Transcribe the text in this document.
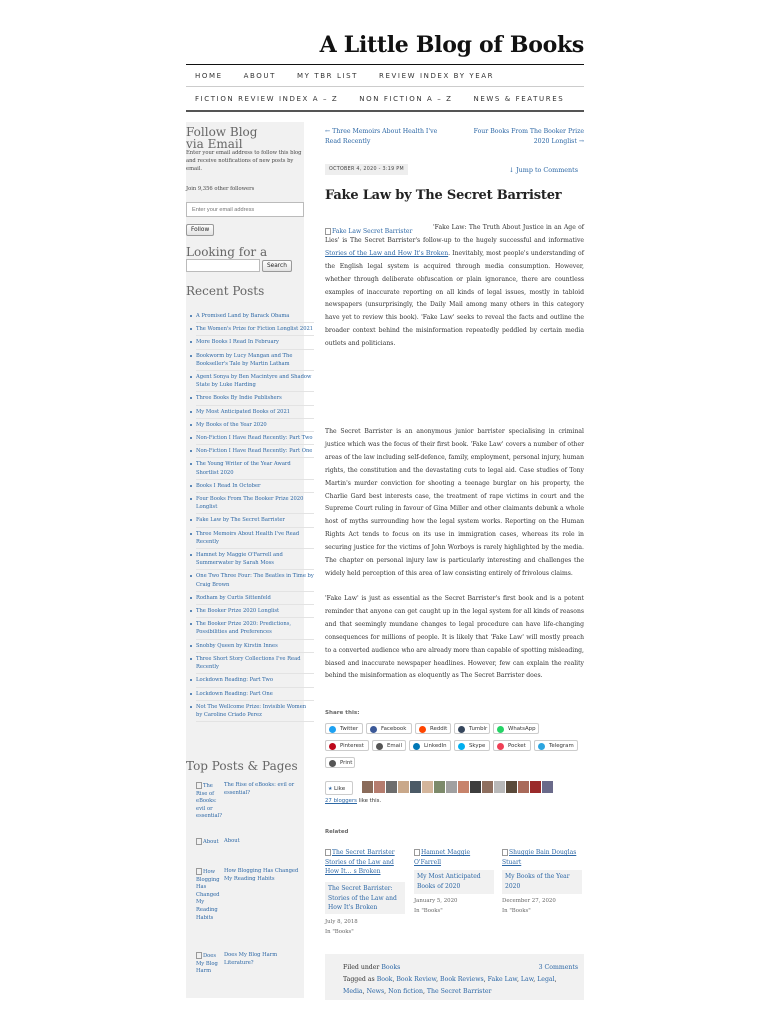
A Little Blog of Books
HOME	ABOUT	MY TBR LIST	REVIEW INDEX BY YEAR
FICTION REVIEW INDEX A – Z	NON FICTION A – Z	NEWS & FEATURES
Follow Blog via Email
Enter your email address to follow this blog and receive notifications of new posts by email.
Join 9,356 other followers
Enter your email address
Follow
Looking for a
Search
Recent Posts
A Promised Land by Barack Obama
The Women's Prize for Fiction Longlist 2021
More Books I Read In February
Bookworm by Lucy Mangan and The Bookseller's Tale by Martin Latham
Agent Sonya by Ben Macintyre and Shadow State by Luke Harding
Three Books By Indie Publishers
My Most Anticipated Books of 2021
My Books of the Year 2020
Non-Fiction I Have Read Recently: Part Two
Non-Fiction I Have Read Recently: Part One
The Young Writer of the Year Award Shortlist 2020
Books I Read In October
Four Books From The Booker Prize 2020 Longlist
Fake Law by The Secret Barrister
Three Memoirs About Health I've Read Recently
Hamnet by Maggie O'Farrell and Summerwater by Sarah Moss
One Two Three Four: The Beatles in Time by Craig Brown
Rodham by Curtis Sittenfeld
The Booker Prize 2020 Longlist
The Booker Prize 2020: Predictions, Possibilities and Preferences
Snobby Queen by Kirstin Innes
Three Short Story Collections I've Read Recently
Lockdown Reading: Part Two
Lockdown Reading: Part One
Not The Wellcome Prize: Invisible Women by Caroline Criado Perez
Top Posts & Pages
The Rise of eBooks: evil or essential?
The Rise of eBooks: evil or essential?
About About
How Blogging Has Changed My Reading Habits
How Blogging Has Changed My Reading Habits
Does My Blog Harm
Does My Blog Harm Literature?
← Three Memoirs About Health I've Read Recently
Four Books From The Booker Prize 2020 Longlist →
OCTOBER 4, 2020 - 3:19 PM	↓ Jump to Comments
Fake Law by The Secret Barrister
Fake Law Secret Barrister
'Fake Law: The Truth About Justice in an Age of Lies' is The Secret Barrister's follow-up to the hugely successful and informative Stories of the Law and How It's Broken. Inevitably, most people's understanding of the English legal system is acquired through media consumption. However, whether through deliberate obfuscation or plain ignorance, there are countless examples of inaccurate reporting on all kinds of legal issues, mostly in tabloid newspapers (unsurprisingly, the Daily Mail among many others in this category have yet to review this book). 'Fake Law' seeks to reveal the facts and outline the broader context behind the misinformation repeatedly peddled by certain media outlets and politicians.
The Secret Barrister is an anonymous junior barrister specialising in criminal justice which was the focus of their first book. 'Fake Law' covers a number of other areas of the law including self-defence, family, employment, personal injury, human rights, the constitution and the devastating cuts to legal aid. Case studies of Tony Martin's murder conviction for shooting a teenage burglar on his property, the Charlie Gard best interests case, the treatment of rape victims in court and the Supreme Court ruling in favour of Gina Miller and other claimants debunk a whole host of myths surrounding how the legal system works. Reporting on the Human Rights Act tends to focus on its use in immigration cases, whereas its role in securing justice for the victims of John Worboys is rarely highlighted by the media. The chapter on personal injury law is particularly interesting and challenges the widely held perception of this area of law consisting entirely of frivolous claims.
'Fake Law' is just as essential as the Secret Barrister's first book and is a potent reminder that anyone can get caught up in the legal system for all kinds of reasons and that seemingly mundane changes to legal procedure can have life-changing consequences for millions of people. It is likely that 'Fake Law' will mostly preach to a converted audience who are already more than capable of spotting misleading, biased and inaccurate newspaper headlines. However, few can explain the reality behind the misinformation as eloquently as The Secret Barrister does.
Share this:
Twitter	Facebook	Reddit	Tumblr	WhatsApp
Pinterest	Email	LinkedIn	Skype	Pocket	Telegram
Print
★ Like
27 bloggers like this.
Related
The Secret Barrister Stories of the Law and How It… s Broken
The Secret Barrister: Stories of the Law and How It's Broken
July 8, 2018
In "Books"
Hamnet Maggie O'Farrell
My Most Anticipated Books of 2020
January 5, 2020
In "Books"
Shuggie Bain Douglas Stuart
My Books of the Year 2020
December 27, 2020
In "Books"
Filed under Books	3 Comments
Tagged as Book, Book Review, Book Reviews, Fake Law, Law, Legal, Media, News, Non fiction, The Secret Barrister
